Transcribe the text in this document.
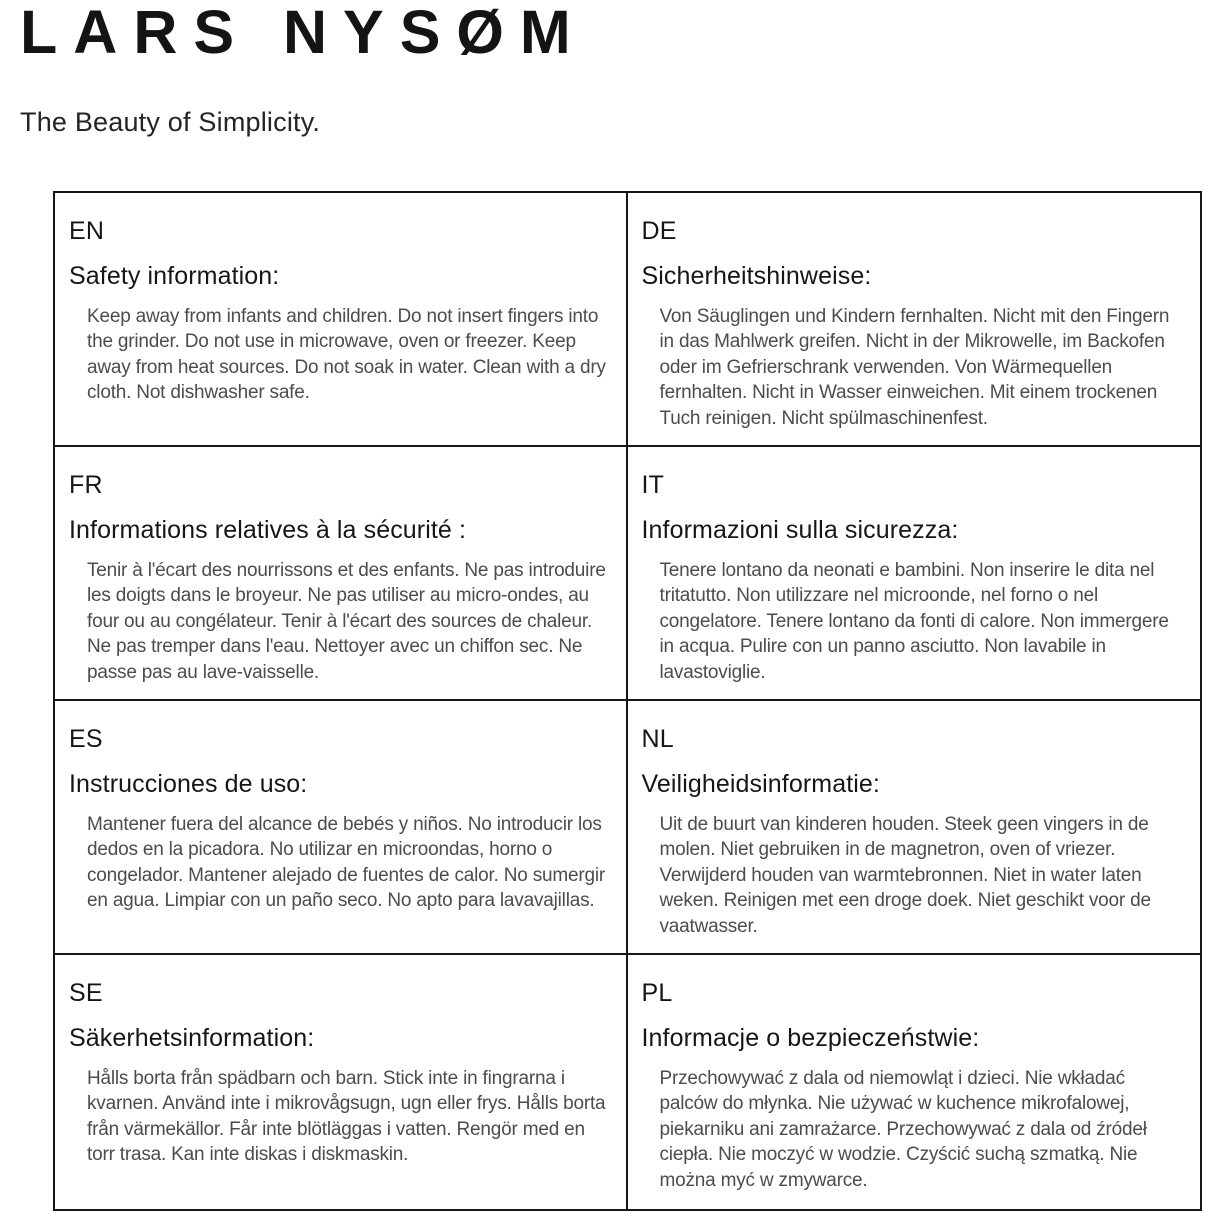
LARS NYSØM
The Beauty of Simplicity.
EN
Safety information:

Keep away from infants and children. Do not insert fingers into the grinder. Do not use in microwave, oven or freezer. Keep away from heat sources. Do not soak in water. Clean with a dry cloth. Not dishwasher safe.

DE
Sicherheitshinweise:

Von Säuglingen und Kindern fernhalten. Nicht mit den Fingern in das Mahlwerk greifen. Nicht in der Mikrowelle, im Backofen oder im Gefrierschrank verwenden. Von Wärmequellen fernhalten. Nicht in Wasser einweichen. Mit einem trockenen Tuch reinigen. Nicht spülmaschinenfest.

FR
Informations relatives à la sécurité :

Tenir à l'écart des nourrissons et des enfants. Ne pas introduire les doigts dans le broyeur. Ne pas utiliser au micro-ondes, au four ou au congélateur. Tenir à l'écart des sources de chaleur. Ne pas tremper dans l'eau. Nettoyer avec un chiffon sec. Ne passe pas au lave-vaisselle.

IT
Informazioni sulla sicurezza:

Tenere lontano da neonati e bambini. Non inserire le dita nel tritatutto. Non utilizzare nel microonde, nel forno o nel congelatore. Tenere lontano da fonti di calore. Non immergere in acqua. Pulire con un panno asciutto. Non lavabile in lavastoviglie.

ES
Instrucciones de uso:

Mantener fuera del alcance de bebés y niños. No introducir los dedos en la picadora. No utilizar en microondas, horno o congelador. Mantener alejado de fuentes de calor. No sumergir en agua. Limpiar con un paño seco. No apto para lavavajillas.

NL
Veiligheidsinformatie:

Uit de buurt van kinderen houden. Steek geen vingers in de molen. Niet gebruiken in de magnetron, oven of vriezer. Verwijderd houden van warmtebronnen. Niet in water laten weken. Reinigen met een droge doek. Niet geschikt voor de vaatwasser.

SE
Säkerhetsinformation:

Hålls borta från spädbarn och barn. Stick inte in fingrarna i kvarnen. Använd inte i mikrovågsugn, ugn eller frys. Hålls borta från värmekällor. Får inte blötläggas i vatten. Rengör med en torr trasa. Kan inte diskas i diskmaskin.

PL
Informacje o bezpieczeństwie:

Przechowywać z dala od niemowląt i dzieci. Nie wkładać palców do młynka. Nie używać w kuchence mikrofalowej, piekarniku ani zamrażarce. Przechowywać z dala od źródeł ciepła. Nie moczyć w wodzie. Czyścić suchą szmatką. Nie można myć w zmywarce.
